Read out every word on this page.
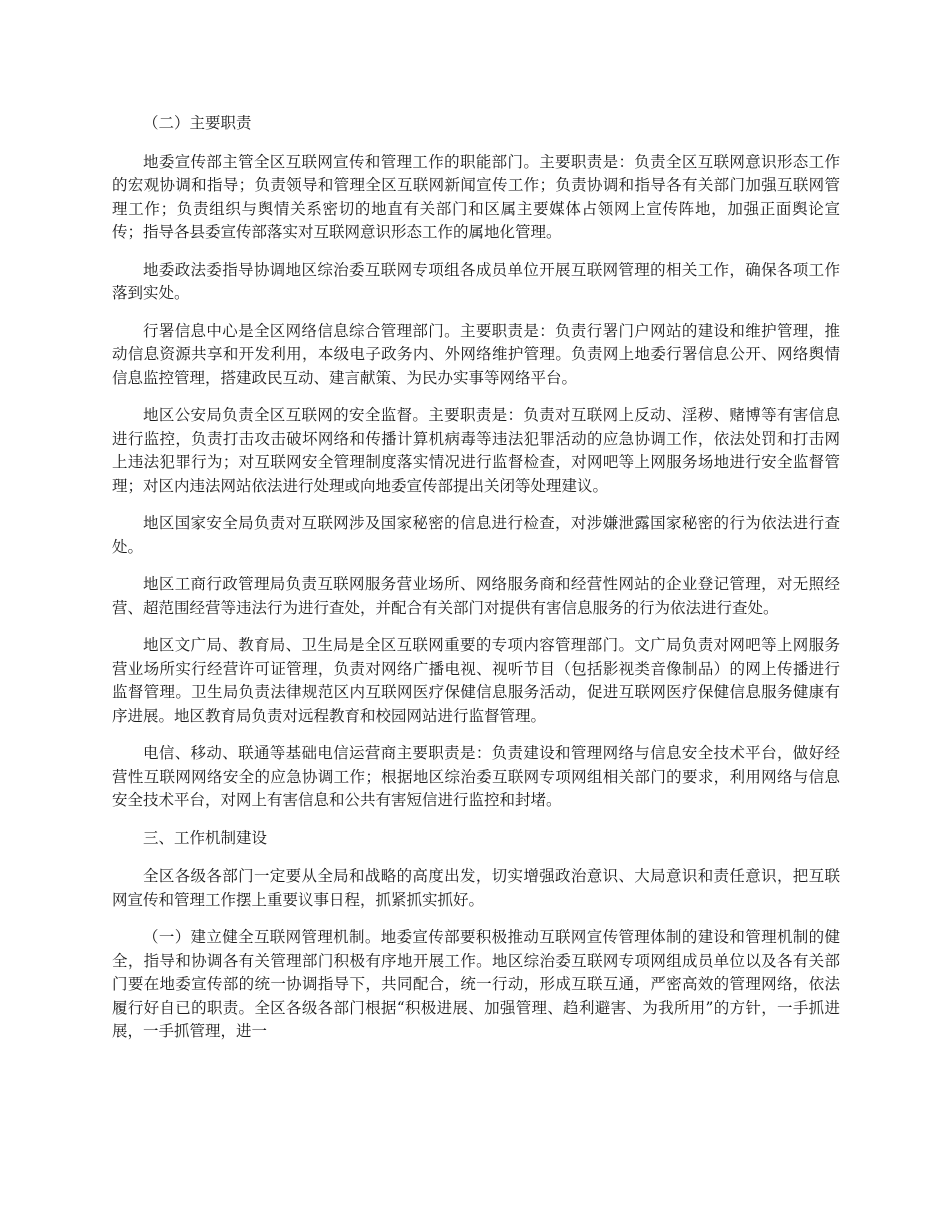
（二）主要职责

地委宣传部主管全区互联网宣传和管理工作的职能部门。主要职责是：负责全区互联网意识形态工作的宏观协调和指导；负责领导和管理全区互联网新闻宣传工作；负责协调和指导各有关部门加强互联网管理工作；负责组织与舆情关系密切的地直有关部门和区属主要媒体占领网上宣传阵地，加强正面舆论宣传；指导各县委宣传部落实对互联网意识形态工作的属地化管理。

地委政法委指导协调地区综治委互联网专项组各成员单位开展互联网管理的相关工作，确保各项工作落到实处。

行署信息中心是全区网络信息综合管理部门。主要职责是：负责行署门户网站的建设和维护管理，推动信息资源共享和开发利用，本级电子政务内、外网络维护管理。负责网上地委行署信息公开、网络舆情信息监控管理，搭建政民互动、建言献策、为民办实事等网络平台。

地区公安局负责全区互联网的安全监督。主要职责是：负责对互联网上反动、淫秽、赌博等有害信息进行监控，负责打击攻击破坏网络和传播计算机病毒等违法犯罪活动的应急协调工作，依法处罚和打击网上违法犯罪行为；对互联网安全管理制度落实情况进行监督检查，对网吧等上网服务场地进行安全监督管理；对区内违法网站依法进行处理或向地委宣传部提出关闭等处理建议。

地区国家安全局负责对互联网涉及国家秘密的信息进行检查，对涉嫌泄露国家秘密的行为依法进行查处。

地区工商行政管理局负责互联网服务营业场所、网络服务商和经营性网站的企业登记管理，对无照经营、超范围经营等违法行为进行查处，并配合有关部门对提供有害信息服务的行为依法进行查处。

地区文广局、教育局、卫生局是全区互联网重要的专项内容管理部门。文广局负责对网吧等上网服务营业场所实行经营许可证管理，负责对网络广播电视、视听节目（包括影视类音像制品）的网上传播进行监督管理。卫生局负责法律规范区内互联网医疗保健信息服务活动，促进互联网医疗保健信息服务健康有序进展。地区教育局负责对远程教育和校园网站进行监督管理。

电信、移动、联通等基础电信运营商主要职责是：负责建设和管理网络与信息安全技术平台，做好经营性互联网网络安全的应急协调工作；根据地区综治委互联网专项网组相关部门的要求，利用网络与信息安全技术平台，对网上有害信息和公共有害短信进行监控和封堵。

三、工作机制建设

全区各级各部门一定要从全局和战略的高度出发，切实增强政治意识、大局意识和责任意识，把互联网宣传和管理工作摆上重要议事日程，抓紧抓实抓好。

（一）建立健全互联网管理机制。地委宣传部要积极推动互联网宣传管理体制的建设和管理机制的健全，指导和协调各有关管理部门积极有序地开展工作。地区综治委互联网专项网组成员单位以及各有关部门要在地委宣传部的统一协调指导下，共同配合，统一行动，形成互联互通，严密高效的管理网络，依法履行好自已的职责。全区各级各部门根据“积极进展、加强管理、趋利避害、为我所用”的方针，一手抓进展，一手抓管理，进一
